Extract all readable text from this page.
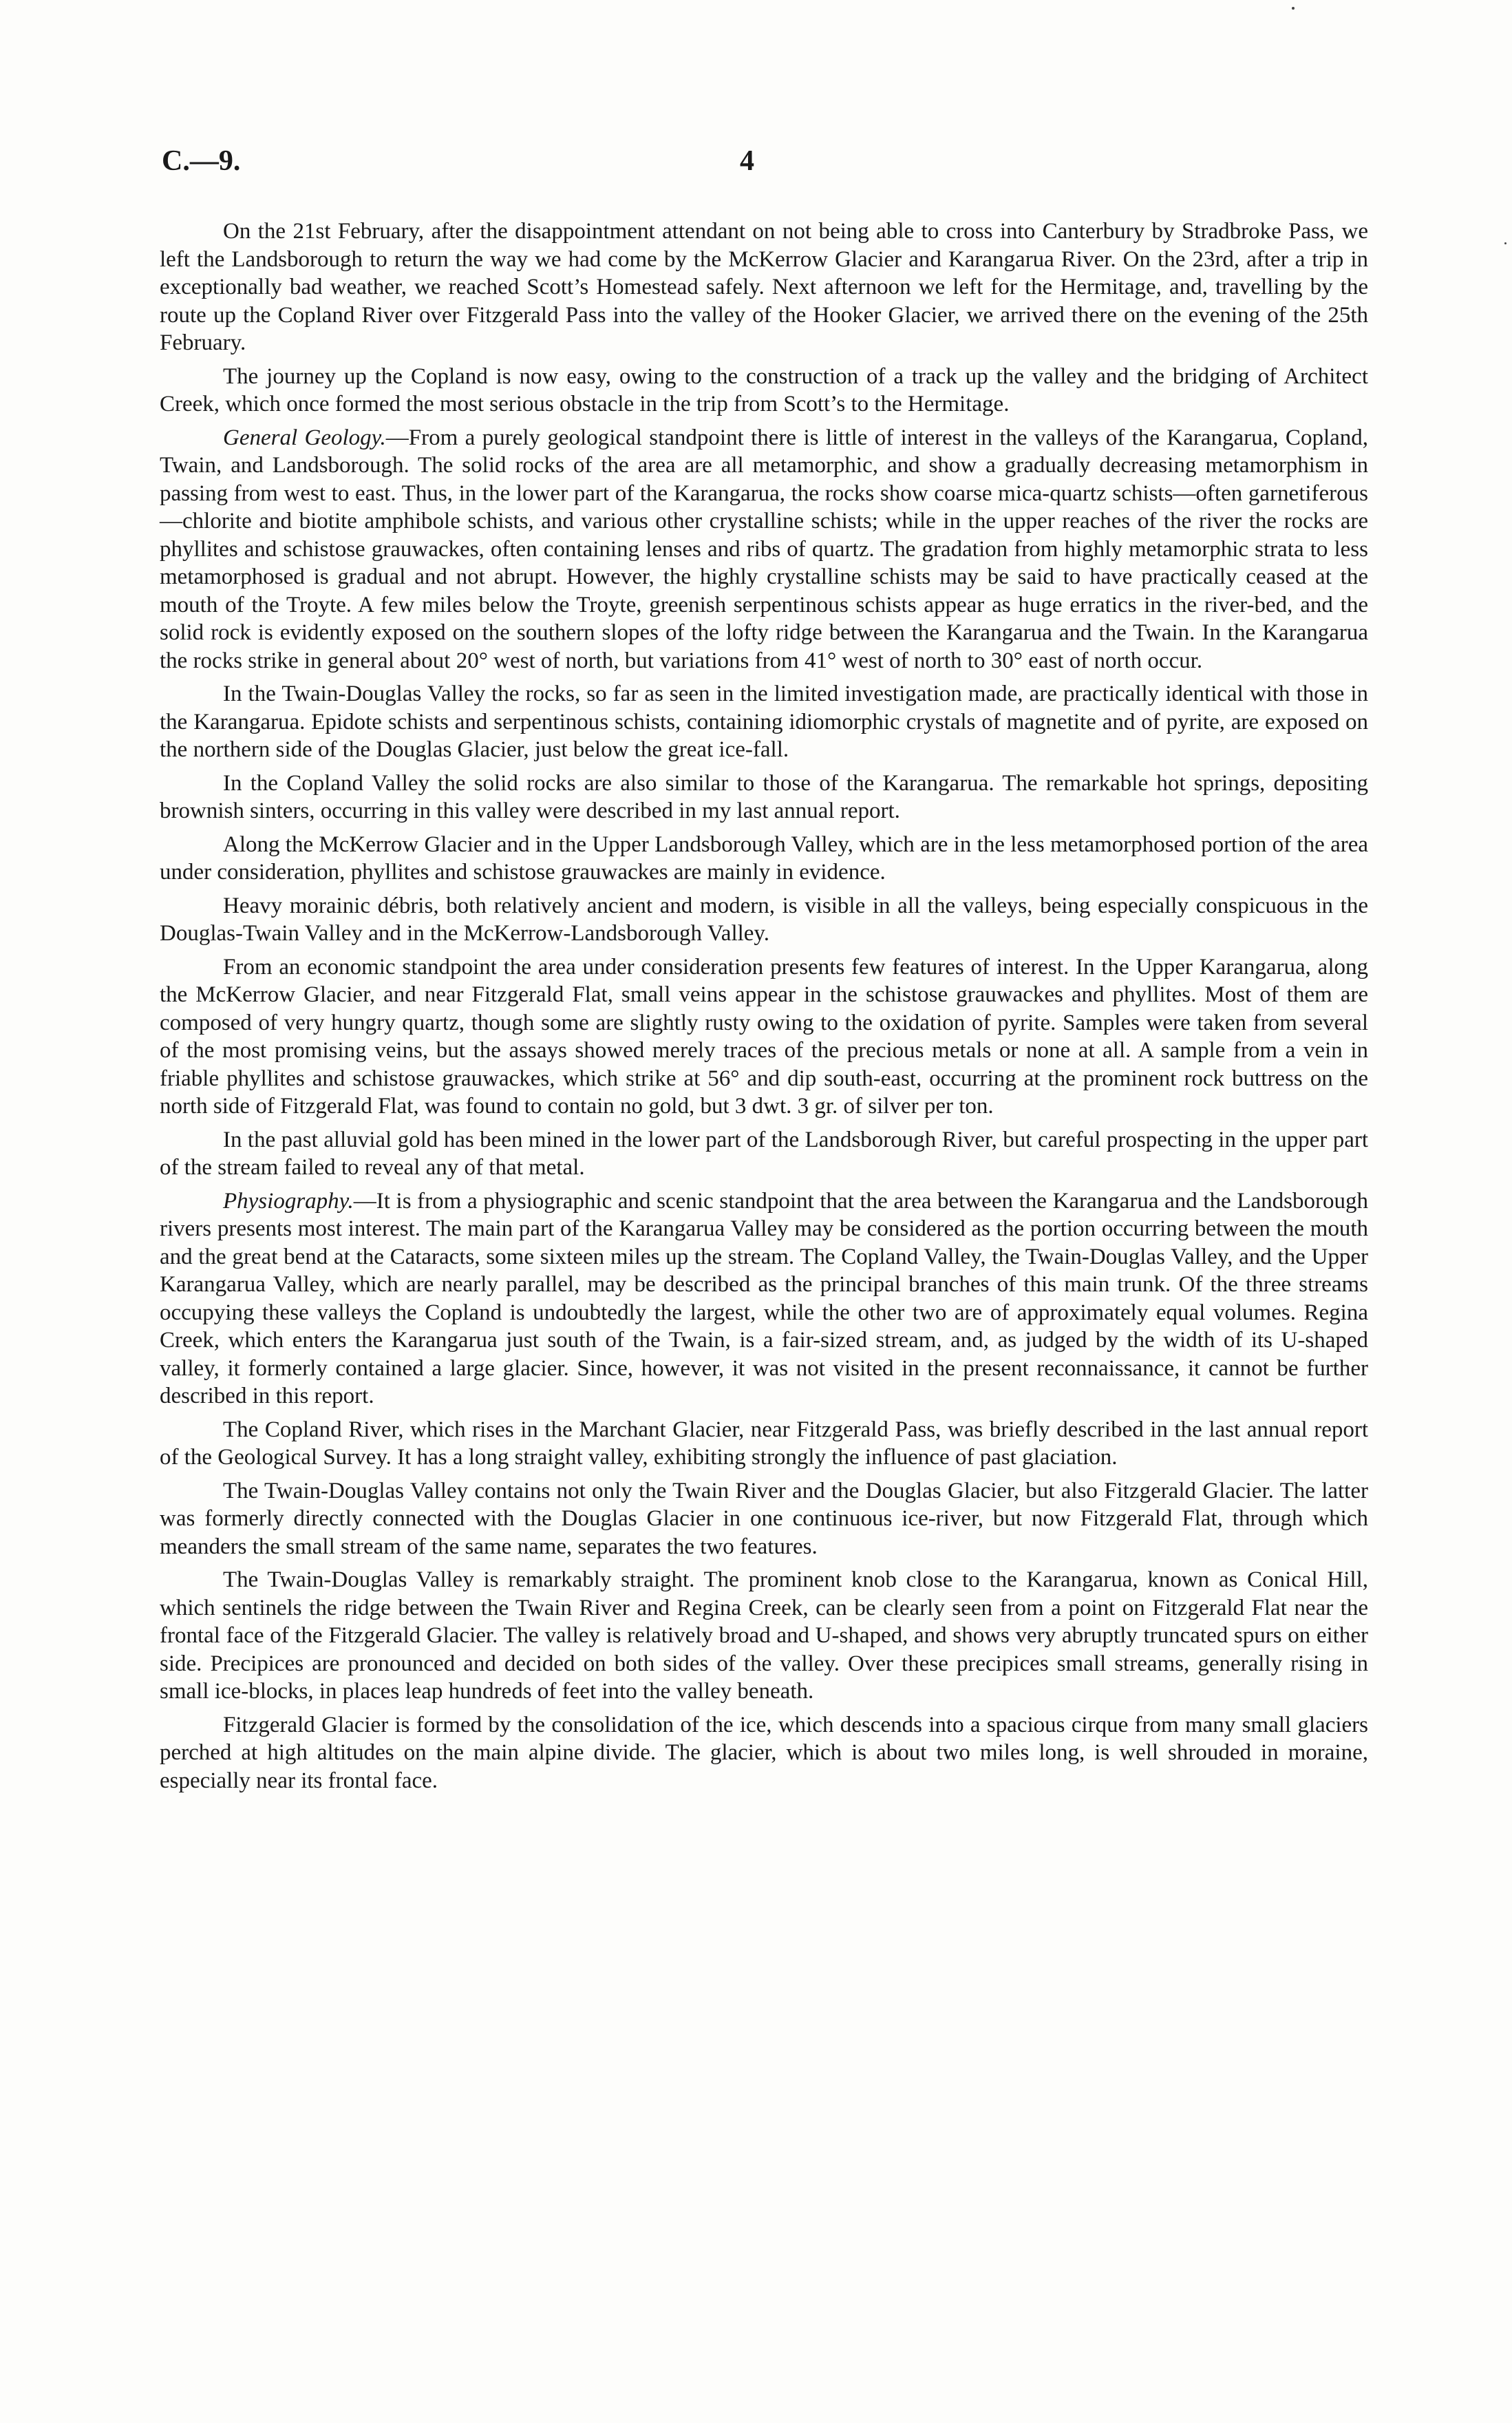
C.—9.	4

On the 21st February, after the disappointment attendant on not being able to cross into Canterbury by Stradbroke Pass, we left the Landsborough to return the way we had come by the McKerrow Glacier and Karangarua River. On the 23rd, after a trip in exceptionally bad weather, we reached Scott’s Homestead safely. Next afternoon we left for the Hermitage, and, travelling by the route up the Copland River over Fitzgerald Pass into the valley of the Hooker Glacier, we arrived there on the evening of the 25th February.

The journey up the Copland is now easy, owing to the construction of a track up the valley and the bridging of Architect Creek, which once formed the most serious obstacle in the trip from Scott’s to the Hermitage.

General Geology.—From a purely geological standpoint there is little of interest in the valleys of the Karangarua, Copland, Twain, and Landsborough. The solid rocks of the area are all metamorphic, and show a gradually decreasing metamorphism in passing from west to east. Thus, in the lower part of the Karangarua, the rocks show coarse mica-quartz schists—often garnetiferous—chlorite and biotite amphibole schists, and various other crystalline schists; while in the upper reaches of the river the rocks are phyllites and schistose grauwackes, often containing lenses and ribs of quartz. The gradation from highly metamorphic strata to less metamorphosed is gradual and not abrupt. However, the highly crystalline schists may be said to have practically ceased at the mouth of the Troyte. A few miles below the Troyte, greenish serpentinous schists appear as huge erratics in the river-bed, and the solid rock is evidently exposed on the southern slopes of the lofty ridge between the Karangarua and the Twain. In the Karangarua the rocks strike in general about 20° west of north, but variations from 41° west of north to 30° east of north occur.

In the Twain-Douglas Valley the rocks, so far as seen in the limited investigation made, are practically identical with those in the Karangarua. Epidote schists and serpentinous schists, containing idiomorphic crystals of magnetite and of pyrite, are exposed on the northern side of the Douglas Glacier, just below the great ice-fall.

In the Copland Valley the solid rocks are also similar to those of the Karangarua. The remarkable hot springs, depositing brownish sinters, occurring in this valley were described in my last annual report.

Along the McKerrow Glacier and in the Upper Landsborough Valley, which are in the less metamorphosed portion of the area under consideration, phyllites and schistose grauwackes are mainly in evidence.

Heavy morainic débris, both relatively ancient and modern, is visible in all the valleys, being especially conspicuous in the Douglas-Twain Valley and in the McKerrow-Landsborough Valley.

From an economic standpoint the area under consideration presents few features of interest. In the Upper Karangarua, along the McKerrow Glacier, and near Fitzgerald Flat, small veins appear in the schistose grauwackes and phyllites. Most of them are composed of very hungry quartz, though some are slightly rusty owing to the oxidation of pyrite. Samples were taken from several of the most promising veins, but the assays showed merely traces of the precious metals or none at all. A sample from a vein in friable phyllites and schistose grauwackes, which strike at 56° and dip south-east, occurring at the prominent rock buttress on the north side of Fitzgerald Flat, was found to contain no gold, but 3 dwt. 3 gr. of silver per ton.

In the past alluvial gold has been mined in the lower part of the Landsborough River, but careful prospecting in the upper part of the stream failed to reveal any of that metal.

Physiography.—It is from a physiographic and scenic standpoint that the area between the Karangarua and the Landsborough rivers presents most interest. The main part of the Karangarua Valley may be considered as the portion occurring between the mouth and the great bend at the Cataracts, some sixteen miles up the stream. The Copland Valley, the Twain-Douglas Valley, and the Upper Karangarua Valley, which are nearly parallel, may be described as the principal branches of this main trunk. Of the three streams occupying these valleys the Copland is undoubtedly the largest, while the other two are of approximately equal volumes. Regina Creek, which enters the Karangarua just south of the Twain, is a fair-sized stream, and, as judged by the width of its U-shaped valley, it formerly contained a large glacier. Since, however, it was not visited in the present reconnaissance, it cannot be further described in this report.

The Copland River, which rises in the Marchant Glacier, near Fitzgerald Pass, was briefly described in the last annual report of the Geological Survey. It has a long straight valley, exhibiting strongly the influence of past glaciation.

The Twain-Douglas Valley contains not only the Twain River and the Douglas Glacier, but also Fitzgerald Glacier. The latter was formerly directly connected with the Douglas Glacier in one continuous ice-river, but now Fitzgerald Flat, through which meanders the small stream of the same name, separates the two features.

The Twain-Douglas Valley is remarkably straight. The prominent knob close to the Karangarua, known as Conical Hill, which sentinels the ridge between the Twain River and Regina Creek, can be clearly seen from a point on Fitzgerald Flat near the frontal face of the Fitzgerald Glacier. The valley is relatively broad and U-shaped, and shows very abruptly truncated spurs on either side. Precipices are pronounced and decided on both sides of the valley. Over these precipices small streams, generally rising in small ice-blocks, in places leap hundreds of feet into the valley beneath.

Fitzgerald Glacier is formed by the consolidation of the ice, which descends into a spacious cirque from many small glaciers perched at high altitudes on the main alpine divide. The glacier, which is about two miles long, is well shrouded in moraine, especially near its frontal face.
